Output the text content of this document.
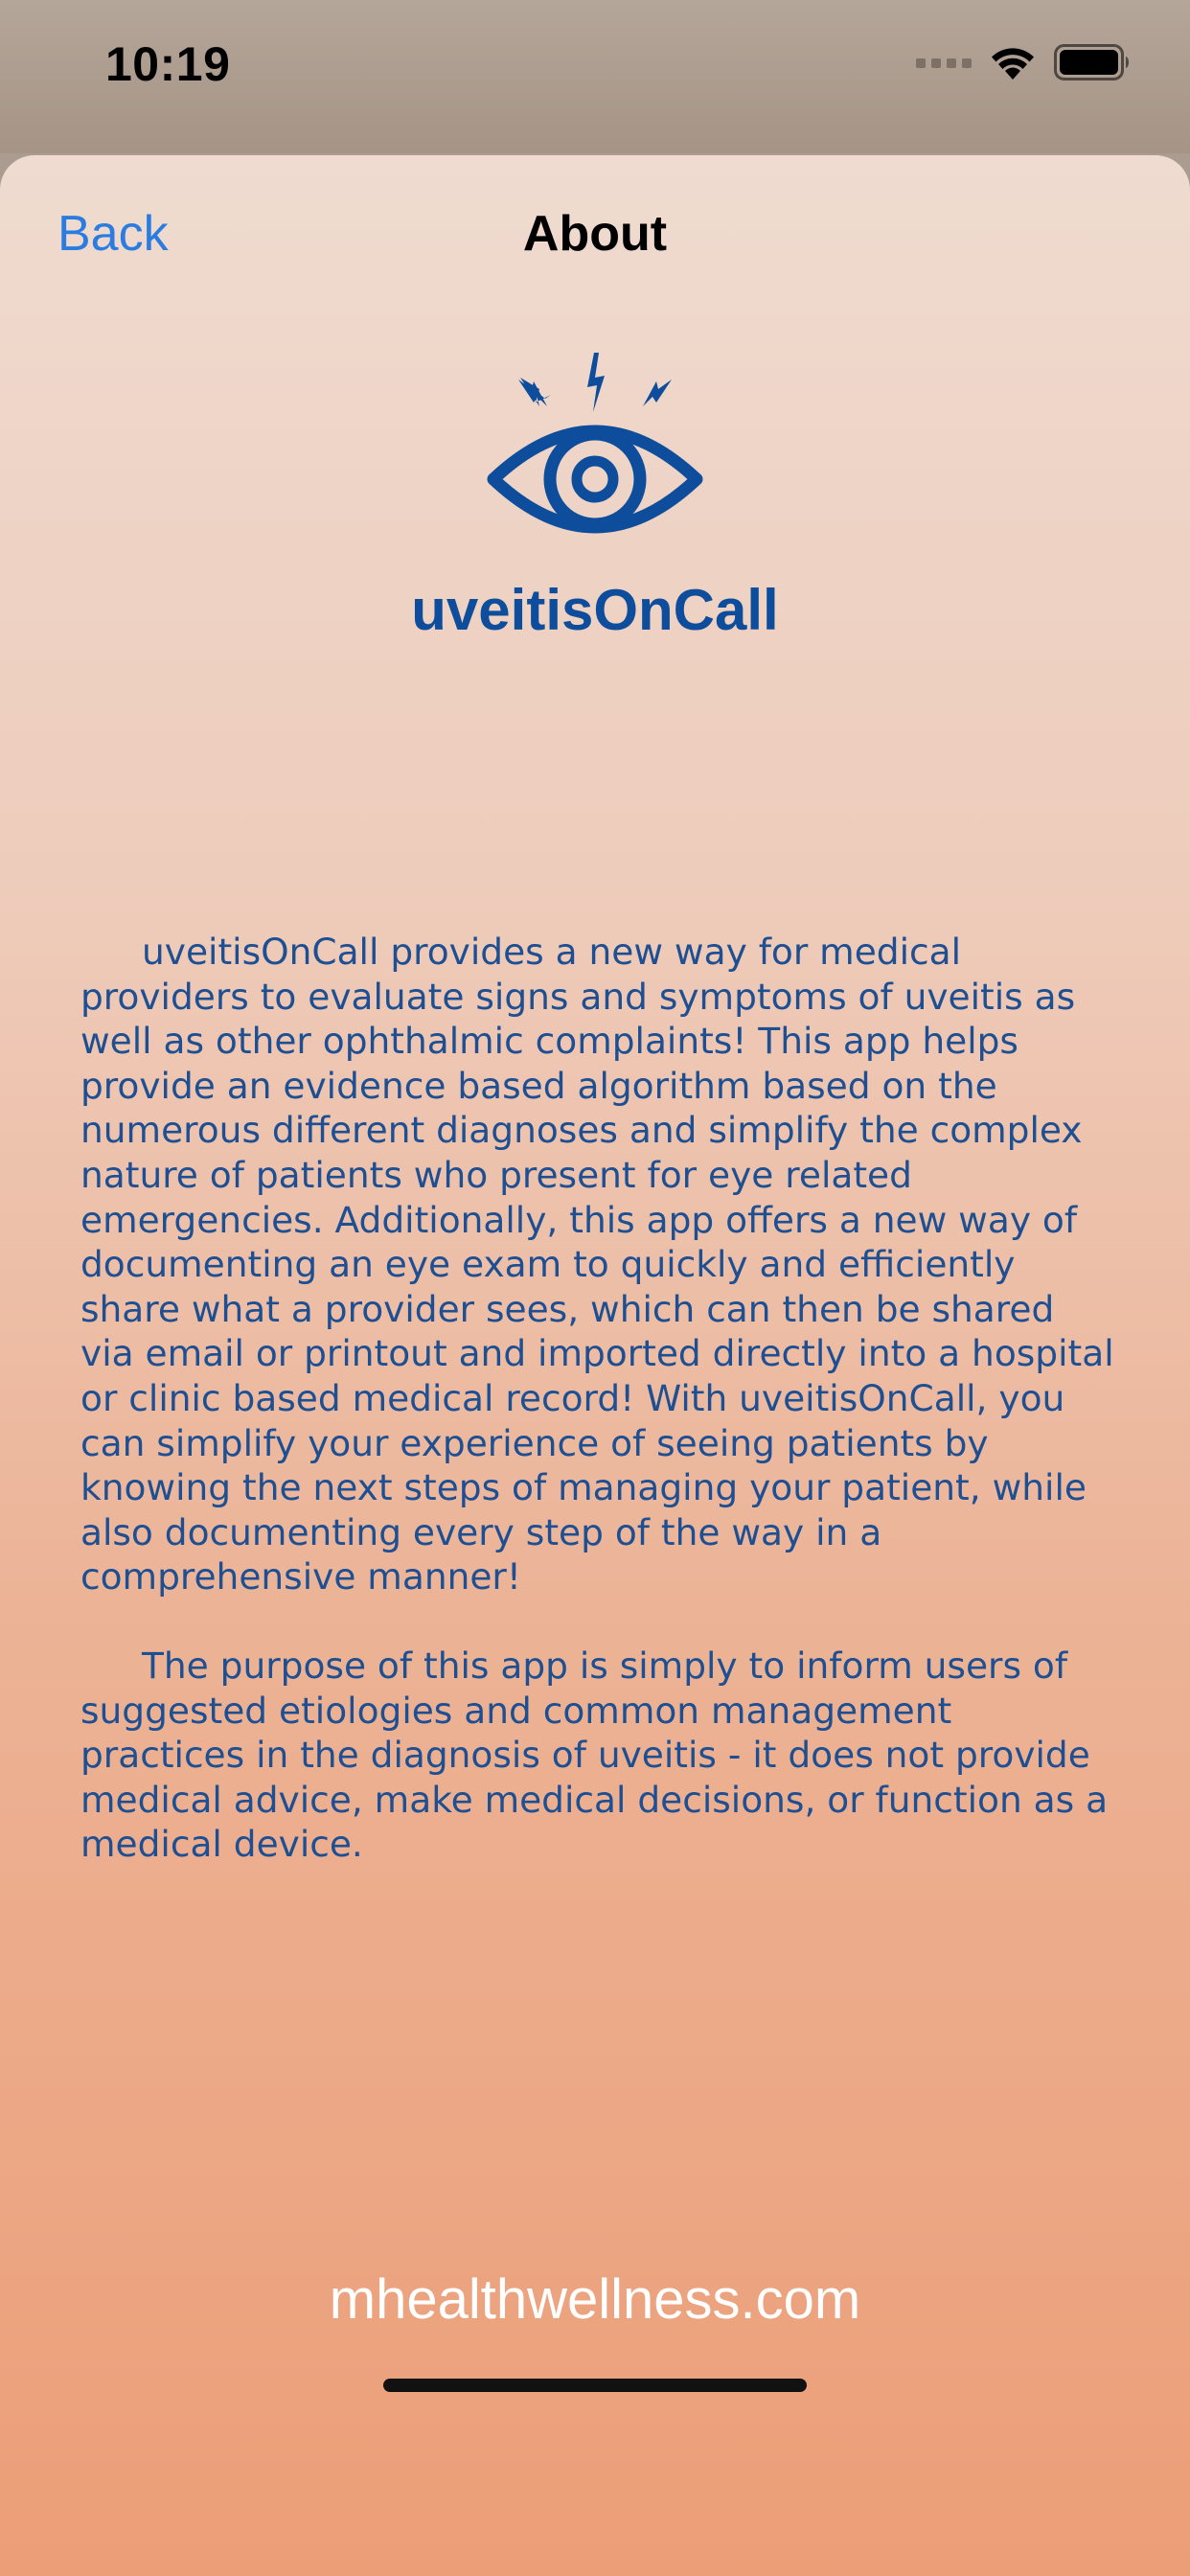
10:19
Back	About
uveitisOnCall

uveitisOnCall provides a new way for medical providers to evaluate signs and symptoms of uveitis as well as other ophthalmic complaints! This app helps provide an evidence based algorithm based on the numerous different diagnoses and simplify the complex nature of patients who present for eye related emergencies. Additionally, this app offers a new way of documenting an eye exam to quickly and efficiently share what a provider sees, which can then be shared via email or printout and imported directly into a hospital or clinic based medical record! With uveitisOnCall, you can simplify your experience of seeing patients by knowing the next steps of managing your patient, while also documenting every step of the way in a comprehensive manner!

The purpose of this app is simply to inform users of suggested etiologies and common management practices in the diagnosis of uveitis - it does not provide medical advice, make medical decisions, or function as a medical device.

mhealthwellness.com
